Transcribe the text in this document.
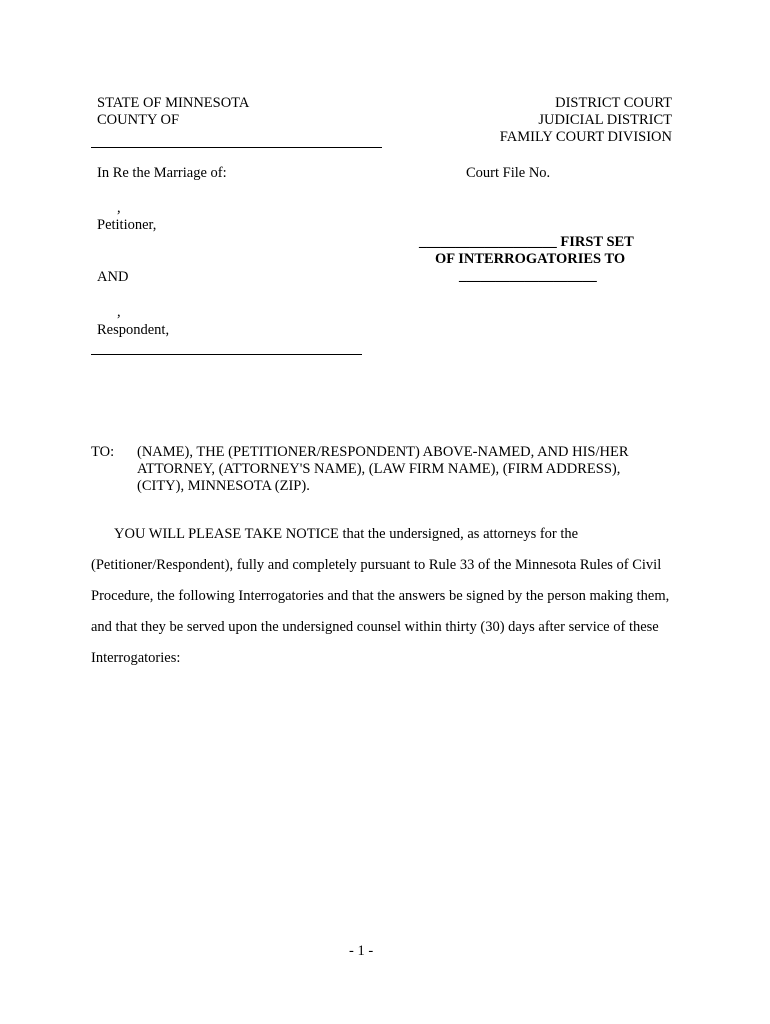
STATE OF MINNESOTA
COUNTY OF
DISTRICT COURT
JUDICIAL DISTRICT
FAMILY COURT DIVISION
In Re the Marriage of:
,
Petitioner,
AND
,
Respondent,
Court File No.
___________________ FIRST SET
OF INTERROGATORIES TO
___________________
TO: (NAME), THE (PETITIONER/RESPONDENT) ABOVE-NAMED, AND HIS/HER
ATTORNEY, (ATTORNEY'S NAME), (LAW FIRM NAME), (FIRM ADDRESS),
(CITY), MINNESOTA (ZIP).
YOU WILL PLEASE TAKE NOTICE that the undersigned, as attorneys for the
(Petitioner/Respondent), fully and completely pursuant to Rule 33 of the Minnesota Rules of Civil
Procedure, the following Interrogatories and that the answers be signed by the person making them,
and that they be served upon the undersigned counsel within thirty (30) days after service of these
Interrogatories:
- 1 -
